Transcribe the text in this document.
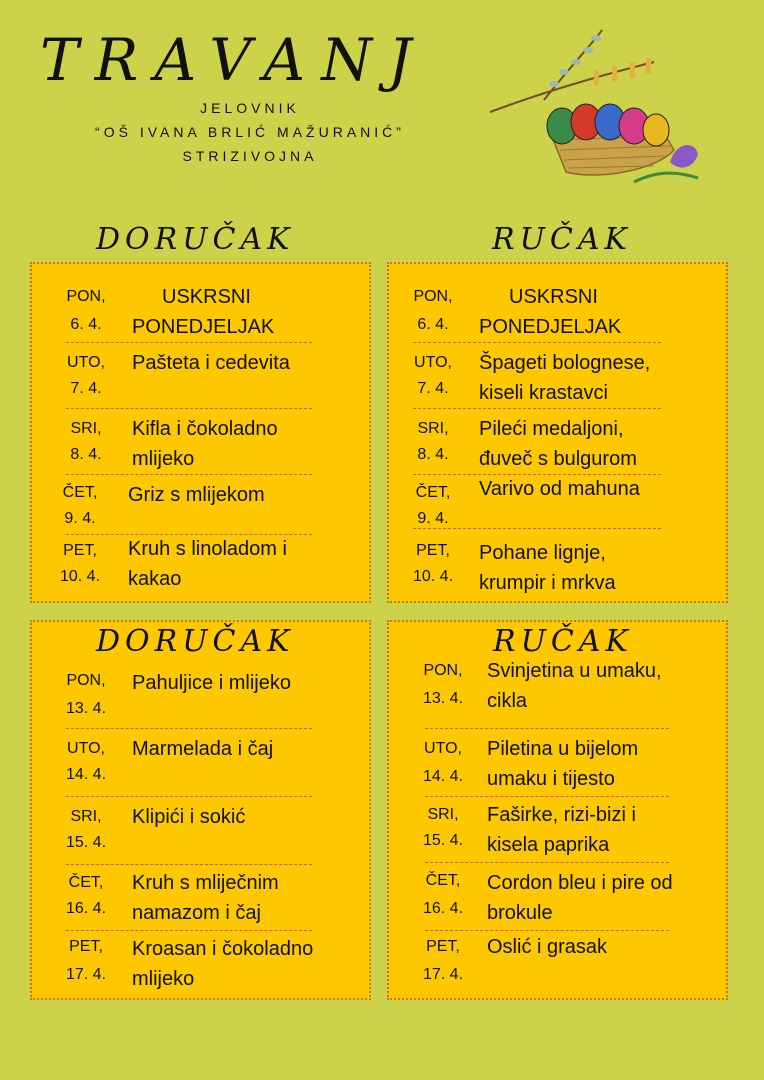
TRAVANJ
JELOVNIK
“OŠ IVANA BRLIĆ MAŽURANIĆ”
STRIZIVOJNA
DORUČAK	RUČAK
PON,
6. 4.
USKRSNI
PONEDJELJAK
UTO,
7. 4.
Pašteta i cedevita
SRI,
8. 4.
Kifla i čokoladno
mlijeko
ČET,
9. 4.
Griz s mlijekom
PET,
10. 4.
Kruh s linoladom i
kakao
PON,
6. 4.
USKRSNI
PONEDJELJAK
UTO,
7. 4.
Špageti bolognese,
kiseli krastavci
SRI,
8. 4.
Pileći medaljoni,
đuveč s bulgurom
ČET,
9. 4.
Varivo od mahuna
PET,
10. 4.
Pohane lignje,
krumpir i mrkva
DORUČAK
PON,
13. 4.
Pahuljice i mlijeko
UTO,
14. 4.
Marmelada i čaj
SRI,
15. 4.
Klipići i sokić
ČET,
16. 4.
Kruh s mliječnim
namazom i čaj
PET,
17. 4.
Kroasan i čokoladno
mlijeko
RUČAK
PON,
13. 4.
Svinjetina u umaku,
cikla
UTO,
14. 4.
Piletina u bijelom
umaku i tijesto
SRI,
15. 4.
Faširke, rizi-bizi i
kisela paprika
ČET,
16. 4.
Cordon bleu i pire od
brokule
PET,
17. 4.
Oslić i grasak
